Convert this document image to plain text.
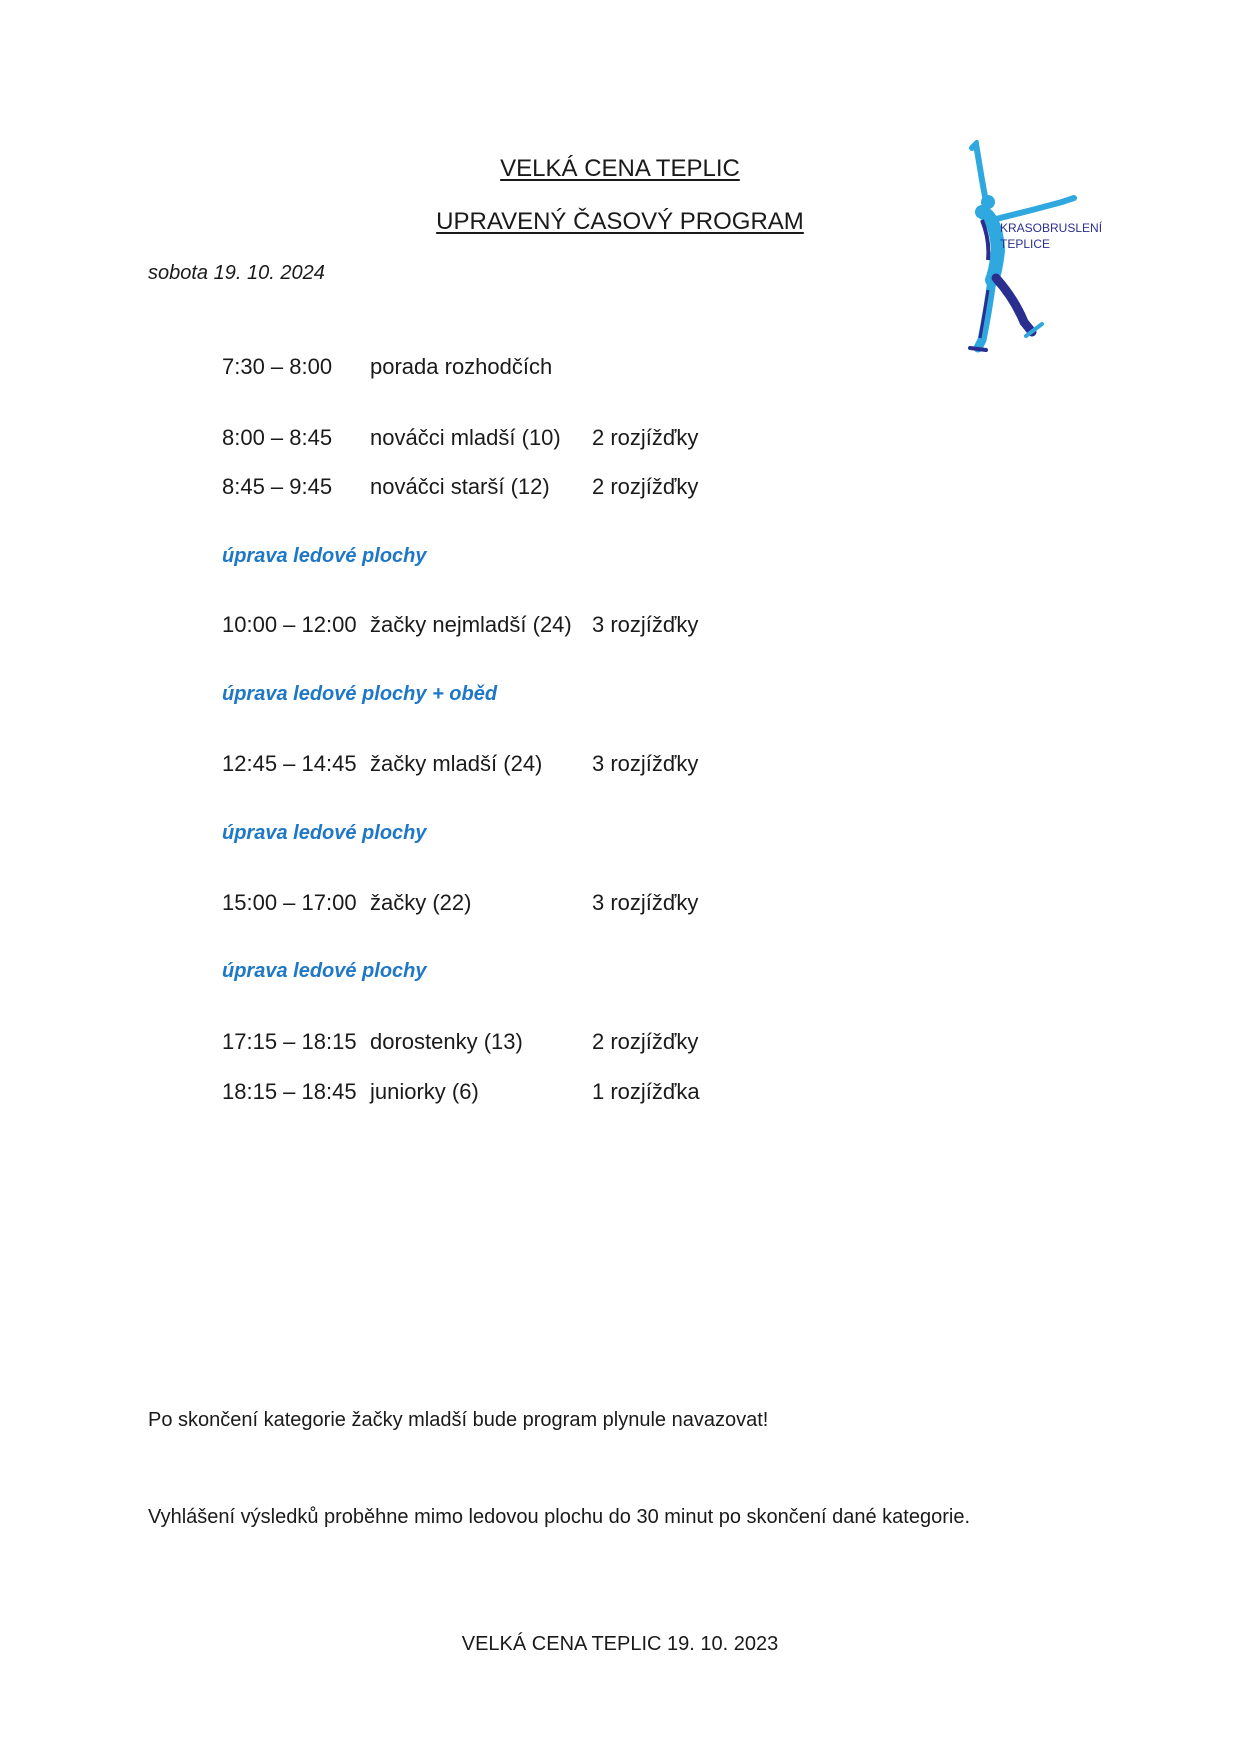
VELKÁ CENA TEPLIC
UPRAVENÝ ČASOVÝ PROGRAM
sobota 19. 10. 2024
KRASOBRUSLENÍ
TEPLICE
7:30 – 8:00 porada rozhodčích
8:00 – 8:45 nováčci mladší (10) 2 rozjížďky
8:45 – 9:45 nováčci starší (12) 2 rozjížďky
úprava ledové plochy
10:00 – 12:00 žačky nejmladší (24) 3 rozjížďky
úprava ledové plochy + oběd
12:45 – 14:45 žačky mladší (24) 3 rozjížďky
úprava ledové plochy
15:00 – 17:00 žačky (22)	3 rozjížďky
úprava ledové plochy
17:15 – 18:15 dorostenky (13)	2 rozjížďky
18:15 – 18:45 juniorky (6)	1 rozjížďka
Po skončení kategorie žačky mladší bude program plynule navazovat!
Vyhlášení výsledků proběhne mimo ledovou plochu do 30 minut po skončení dané kategorie.
VELKÁ CENA TEPLIC 19. 10. 2023
